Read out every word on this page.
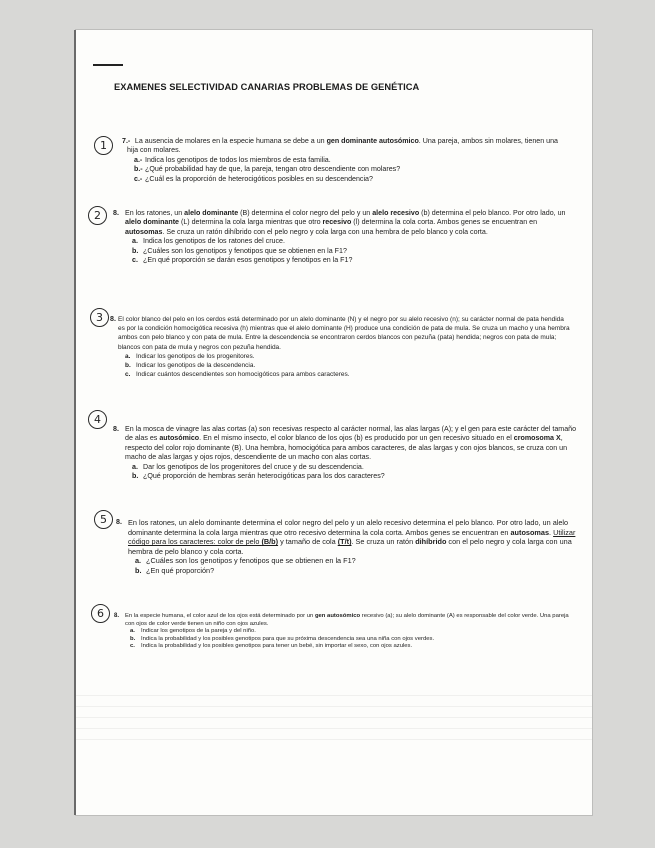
EXAMENES SELECTIVIDAD CANARIAS PROBLEMAS DE GENÉTICA
1	7.- La ausencia de molares en la especie humana se debe a un gen dominante autosómico. Una pareja, ambos sin molares, tienen una hija con molares.

a.- Indica los genotipos de todos los miembros de esta familia.
b.- ¿Qué probabilidad hay de que, la pareja, tengan otro descendiente con molares?
c.- ¿Cuál es la proporción de heterocigóticos posibles en su descendencia?
2	8. En los ratones, un alelo dominante (B) determina el color negro del pelo y un alelo recesivo (b) determina el pelo blanco. Por otro lado, un alelo dominante (L) determina la cola larga mientras que otro recesivo (l) determina la cola corta. Ambos genes se encuentran en autosomas. Se cruza un ratón dihíbrido con el pelo negro y cola larga con una hembra de pelo blanco y cola corta.

a. Indica los genotipos de los ratones del cruce.
b. ¿Cuáles son los genotipos y fenotipos que se obtienen en la F1?
c. ¿En qué proporción se darán esos genotipos y fenotipos en la F1?
3 8. El color blanco del pelo en los cerdos está determinado por un alelo dominante (N) y el negro por su alelo recesivo (n); su carácter normal de pata hendida es por la condición homocigótica recesiva (h) mientras que el alelo dominante (H) produce una condición de pata de mula. Se cruza un macho y una hembra ambos con pelo blanco y con pata de mula. Entre la descendencia se encontraron cerdos blancos con pezuña (pata) hendida; negros con pata de mula; blancos con pata de mula y negros con pezuña hendida.

a. Indicar los genotipos de los progenitores.
b. Indicar los genotipos de la descendencia.
c. Indicar cuántos descendientes son homocigóticos para ambos caracteres.
4
8. En la mosca de vinagre las alas cortas (a) son recesivas respecto al carácter normal, las alas largas (A); y el gen para este carácter del tamaño de alas es autosómico. En el mismo insecto, el color blanco de los ojos (b) es producido por un gen recesivo situado en el cromosoma X, respecto del color rojo dominante (B). Una hembra, homocigótica para ambos caracteres, de alas largas y con ojos blancos, se cruza con un macho de alas largas y ojos rojos, descendiente de un macho con alas cortas.

a. Dar los genotipos de los progenitores del cruce y de su descendencia.
b. ¿Qué proporción de hembras serán heterocigóticas para los dos caracteres?
5	8. En los ratones, un alelo dominante determina el color negro del pelo y un alelo recesivo determina el pelo blanco. Por otro lado, un alelo dominante determina la cola larga mientras que otro recesivo determina la cola corta. Ambos genes se encuentran en autosomas. Utilizar código para los caracteres: color de pelo (B/b) y tamaño de cola (T/t). Se cruza un ratón dihíbrido con el pelo negro y cola larga con una hembra de pelo blanco y cola corta.

a. ¿Cuáles son los genotipos y fenotipos que se obtienen en la F1?
b. ¿En qué proporción?
6	8. En la especie humana, el color azul de los ojos está determinado por un gen autosómico recesivo (a); su alelo dominante (A) es responsable del color verde. Una pareja con ojos de color verde tienen un niño con ojos azules.

a. Indicar los genotipos de la pareja y del niño.
b. Indica la probabilidad y los posibles genotipos para que su próxima descendencia sea una niña con ojos verdes.
c. Indica la probabilidad y los posibles genotipos para tener un bebé, sin importar el sexo, con ojos azules.
